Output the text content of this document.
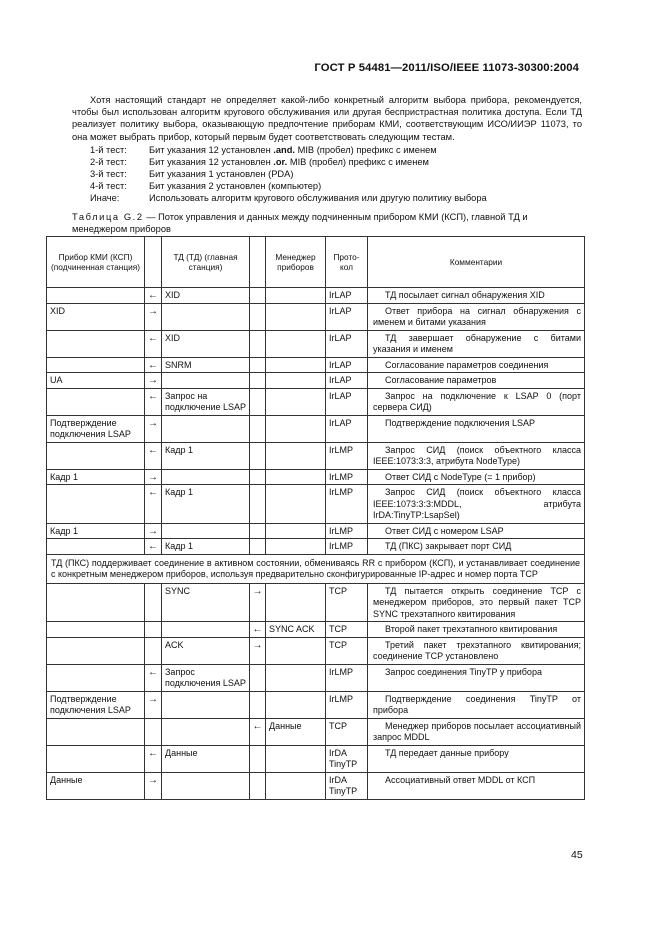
ГОСТ Р 54481—2011/ISO/IEEE 11073-30300:2004

Хотя настоящий стандарт не определяет какой-либо конкретный алгоритм выбора прибора, рекомендуется, чтобы был использован алгоритм кругового обслуживания или другая беспристрастная политика доступа. Если ТД реализует политику выбора, оказывающую предпочтение приборам КМИ, соответствующим ИСО/ИИЭР 11073, то она может выбрать прибор, который первым будет соответствовать следующим тестам.

1-й тест:	Бит указания 12 установлен .and. MIB (пробел) префикс с именем
2-й тест:	Бит указания 12 установлен .or. MIB (пробел) префикс с именем
3-й тест:	Бит указания 1 установлен (PDA)
4-й тест:	Бит указания 2 установлен (компьютер)
Иначе:	Использовать алгоритм кругового обслуживания или другую политику выбора
Таблица G.2 — Поток управления и данных между подчиненным прибором КМИ (КСП), главной ТД и менеджером приборов
Прибор КМИ (КСП) (подчиненная станция)		ТД (ТД) (главная станция)		Менеджер приборов	Прото-кол	Комментарии
	←	XID			IrLAP	ТД посылает сигнал обнаружения XID
XID	→				IrLAP	Ответ прибора на сигнал обнаружения с именем и битами указания
	←	XID			IrLAP	ТД завершает обнаружение с битами указания и именем
	←	SNRM			IrLAP	Согласование параметров соединения
UA	→				IrLAP	Согласование параметров
	←	Запрос на подключение LSAP			IrLAP	Запрос на подключение к LSAP 0 (порт сервера СИД)
Подтверждение подключения LSAP	→				IrLAP	Подтверждение подключения LSAP
	←	Кадр 1			IrLMP	Запрос СИД (поиск объектного класса IEEE:1073:3:3, атрибута NodeType)
Кадр 1	→				IrLMP	Ответ СИД с NodeType (= 1 прибор)
	←	Кадр 1			IrLMP	Запрос СИД (поиск объектного класса IEEE:1073:3:3:MDDL, атрибута IrDA:TinyTP:LsapSel)
Кадр 1	→				IrLMP	Ответ СИД с номером LSAP
	←	Кадр 1			IrLMP	ТД (ПКС) закрывает порт СИД
ТД (ПКС) поддерживает соединение в активном состоянии, обмениваясь RR с прибором (КСП), и устанавливает соединение с конкретным менеджером приборов, используя предварительно сконфигурированные IP-адрес и номер порта TCP						
		SYNC	→		TCP	ТД пытается открыть соединение TCP с менеджером приборов, это первый пакет TCP SYNC трехэтапного квитирования
			←	SYNC ACK	TCP	Второй пакет трехэтапного квитирования
		ACK	→		TCP	Третий пакет трехэтапного квитирования; соединение TCP установлено
	←	Запрос подключения LSAP			IrLMP	Запрос соединения TinyTP у прибора
Подтверждение подключения LSAP	→				IrLMP	Подтверждение соединения TinyTP от прибора
			←	Данные	TCP	Менеджер приборов посылает ассоциативный запрос MDDL
	←	Данные			IrDA TinyTP	ТД передает данные прибору
Данные	→				IrDA TinyTP	Ассоциативный ответ MDDL от КСП
45
